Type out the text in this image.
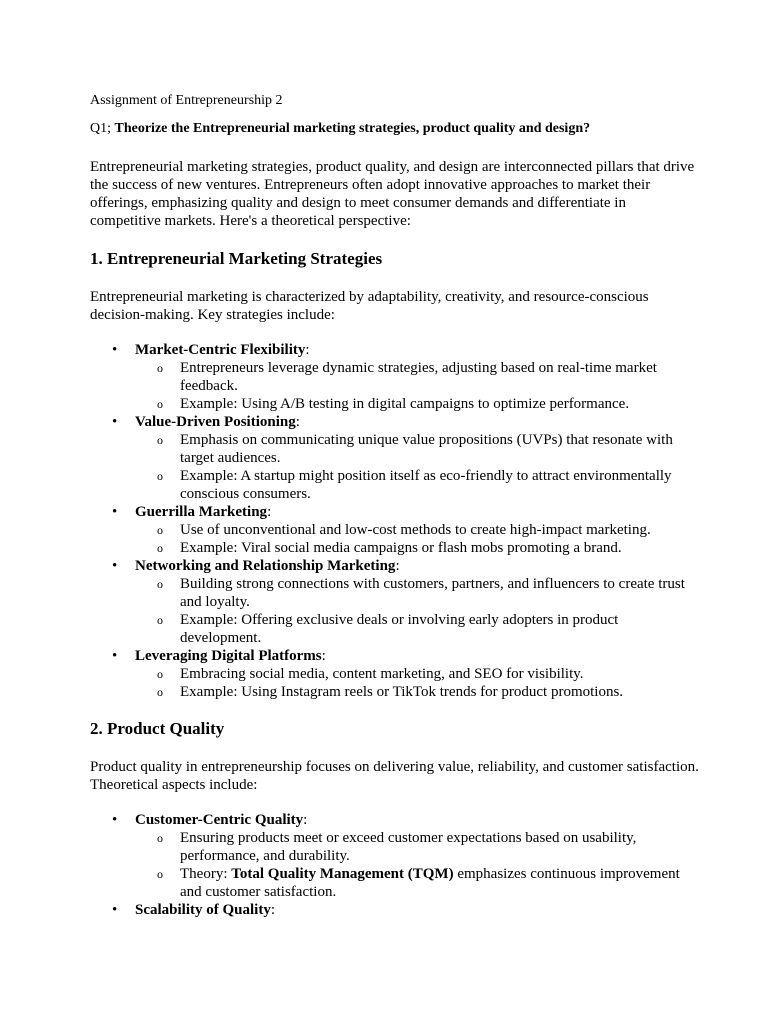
Assignment of Entrepreneurship 2

Q1; Theorize the Entrepreneurial marketing strategies, product quality and design?

Entrepreneurial marketing strategies, product quality, and design are interconnected pillars that drive the success of new ventures. Entrepreneurs often adopt innovative approaches to market their offerings, emphasizing quality and design to meet consumer demands and differentiate in competitive markets. Here's a theoretical perspective:

1. Entrepreneurial Marketing Strategies

Entrepreneurial marketing is characterized by adaptability, creativity, and resource-conscious decision-making. Key strategies include:

• Market-Centric Flexibility:
o Entrepreneurs leverage dynamic strategies, adjusting based on real-time market feedback.
o Example: Using A/B testing in digital campaigns to optimize performance.
• Value-Driven Positioning:
o Emphasis on communicating unique value propositions (UVPs) that resonate with target audiences.
o Example: A startup might position itself as eco-friendly to attract environmentally conscious consumers.
• Guerrilla Marketing:
o Use of unconventional and low-cost methods to create high-impact marketing.
o Example: Viral social media campaigns or flash mobs promoting a brand.
• Networking and Relationship Marketing:
o Building strong connections with customers, partners, and influencers to create trust and loyalty.
o Example: Offering exclusive deals or involving early adopters in product development.
• Leveraging Digital Platforms:
o Embracing social media, content marketing, and SEO for visibility.
o Example: Using Instagram reels or TikTok trends for product promotions.
2. Product Quality

Product quality in entrepreneurship focuses on delivering value, reliability, and customer satisfaction. Theoretical aspects include:

• Customer-Centric Quality:
o Ensuring products meet or exceed customer expectations based on usability, performance, and durability.
o Theory: Total Quality Management (TQM) emphasizes continuous improvement and customer satisfaction.
• Scalability of Quality:
